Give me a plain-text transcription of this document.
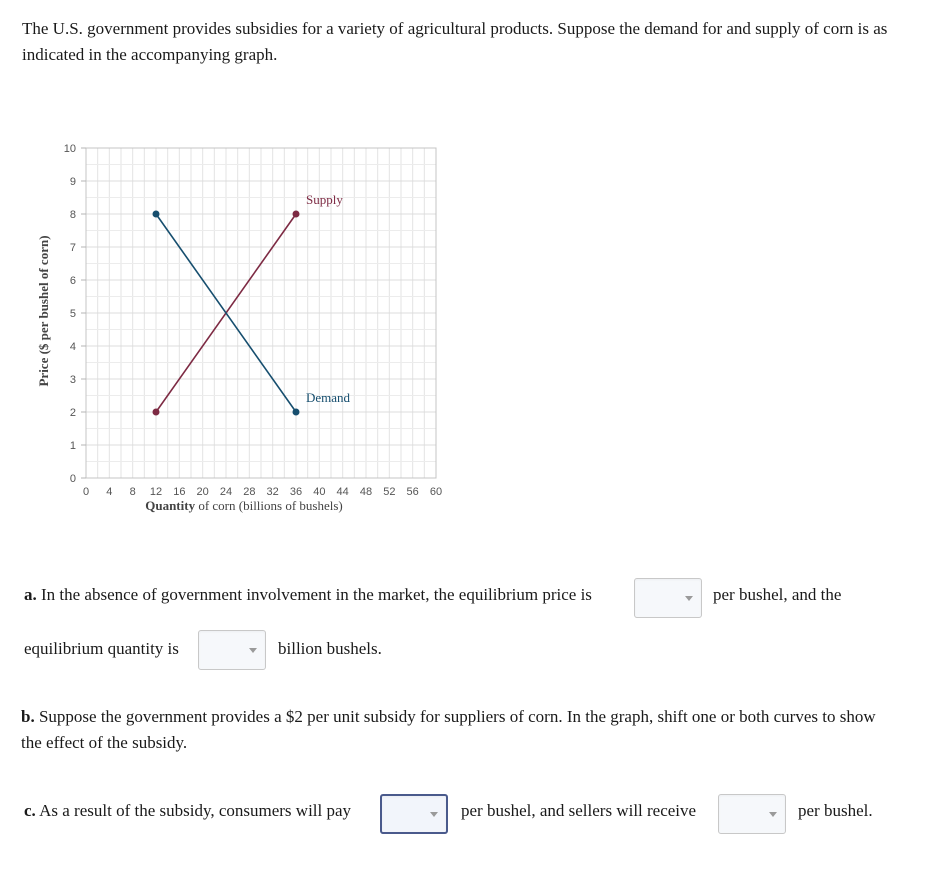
The U.S. government provides subsidies for a variety of agricultural products. Suppose the demand for and supply of corn is as indicated in the accompanying graph.

0
1
2
3
4
5
6
7
8
9
10
0 4 8 12 16 20 24 28 32 36 40 44 48 52 56 60
Supply
Demand
Quantity of corn (billions of bushels)
Price ($ per bushel of corn)

a. In the absence of government involvement in the market, the equilibrium price is	per bushel, and the

equilibrium quantity is	billion bushels.

b. Suppose the government provides a $2 per unit subsidy for suppliers of corn. In the graph, shift one or both curves to show

the effect of the subsidy.

c. As a result of the subsidy, consumers will pay	per bushel, and sellers will receive	per bushel.
